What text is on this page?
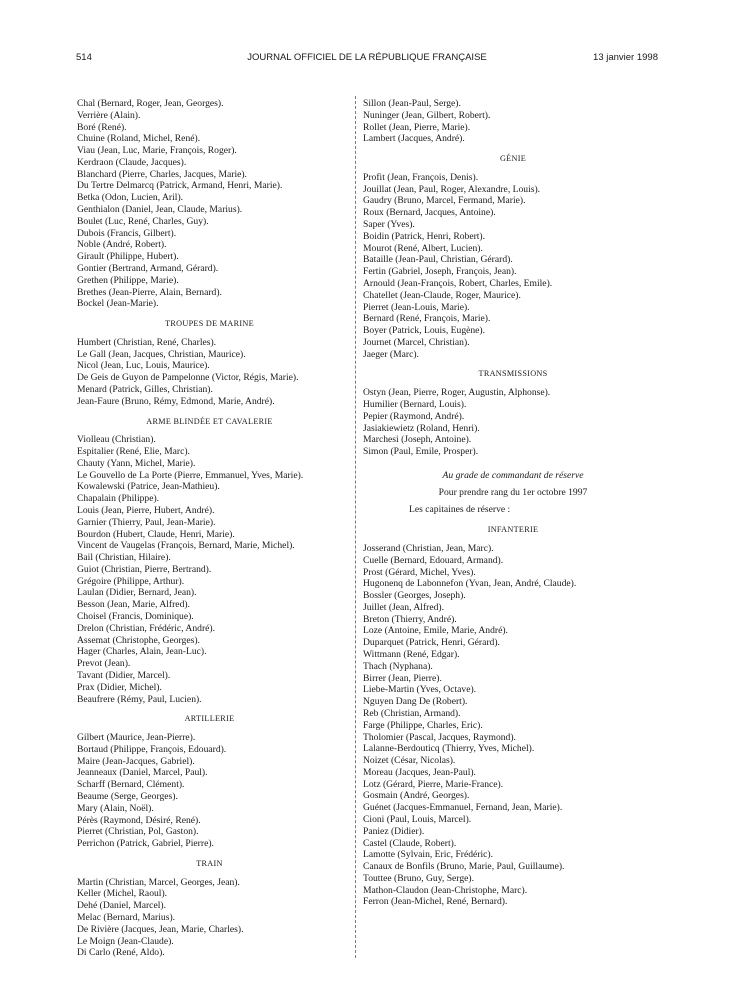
514	JOURNAL OFFICIEL DE LA RÉPUBLIQUE FRANÇAISE	13 janvier 1998
Chal (Bernard, Roger, Jean, Georges).
Verrière (Alain).
Boré (René).
Chuine (Roland, Michel, René).
Viau (Jean, Luc, Marie, François, Roger).
Kerdraon (Claude, Jacques).
Blanchard (Pierre, Charles, Jacques, Marie).
Du Tertre Delmarcq (Patrick, Armand, Henri, Marie).
Betka (Odon, Lucien, Aril).
Genthialon (Daniel, Jean, Claude, Marius).
Boulet (Luc, René, Charles, Guy).
Dubois (Francis, Gilbert).
Noble (André, Robert).
Girault (Philippe, Hubert).
Gontier (Bertrand, Armand, Gérard).
Grethen (Philippe, Marie).
Brethes (Jean-Pierre, Alain, Bernard).
Bockel (Jean-Marie).
TROUPES DE MARINE
Humbert (Christian, René, Charles).
Le Gall (Jean, Jacques, Christian, Maurice).
Nicol (Jean, Luc, Louis, Maurice).
De Geis de Guyon de Pampelonne (Victor, Régis, Marie).
Menard (Patrick, Gilles, Christian).
Jean-Faure (Bruno, Rémy, Edmond, Marie, André).
ARME BLINDÉE ET CAVALERIE
Violleau (Christian).
Espitalier (René, Elie, Marc).
Chauty (Yann, Michel, Marie).
Le Gouvello de La Porte (Pierre, Emmanuel, Yves, Marie).
Kowalewski (Patrice, Jean-Mathieu).
Chapalain (Philippe).
Louis (Jean, Pierre, Hubert, André).
Garnier (Thierry, Paul, Jean-Marie).
Bourdon (Hubert, Claude, Henri, Marie).
Vincent de Vaugelas (François, Bernard, Marie, Michel).
Bail (Christian, Hilaire).
Guiot (Christian, Pierre, Bertrand).
Grégoire (Philippe, Arthur).
Laulan (Didier, Bernard, Jean).
Besson (Jean, Marie, Alfred).
Choisel (Francis, Dominique).
Drelon (Christian, Frédéric, André).
Assemat (Christophe, Georges).
Hager (Charles, Alain, Jean-Luc).
Prevot (Jean).
Tavant (Didier, Marcel).
Prax (Didier, Michel).
Beaufrere (Rémy, Paul, Lucien).
ARTILLERIE
Gilbert (Maurice, Jean-Pierre).
Bortaud (Philippe, François, Edouard).
Maire (Jean-Jacques, Gabriel).
Jeanneaux (Daniel, Marcel, Paul).
Scharff (Bernard, Clément).
Beaume (Serge, Georges).
Mary (Alain, Noël).
Pérès (Raymond, Désiré, René).
Pierret (Christian, Pol, Gaston).
Perrichon (Patrick, Gabriel, Pierre).
TRAIN
Martin (Christian, Marcel, Georges, Jean).
Keller (Michel, Raoul).
Dehé (Daniel, Marcel).
Melac (Bernard, Marius).
De Rivière (Jacques, Jean, Marie, Charles).
Le Moign (Jean-Claude).
Di Carlo (René, Aldo).
Sillon (Jean-Paul, Serge).
Nuninger (Jean, Gilbert, Robert).
Rollet (Jean, Pierre, Marie).
Lambert (Jacques, André).
GÉNIE
Profit (Jean, François, Denis).
Jouillat (Jean, Paul, Roger, Alexandre, Louis).
Gaudry (Bruno, Marcel, Fermand, Marie).
Roux (Bernard, Jacques, Antoine).
Saper (Yves).
Boidin (Patrick, Henri, Robert).
Mourot (René, Albert, Lucien).
Bataille (Jean-Paul, Christian, Gérard).
Fertin (Gabriel, Joseph, François, Jean).
Arnould (Jean-François, Robert, Charles, Emile).
Chatellet (Jean-Claude, Roger, Maurice).
Pierret (Jean-Louis, Marie).
Bernard (René, François, Marie).
Boyer (Patrick, Louis, Eugène).
Journet (Marcel, Christian).
Jaeger (Marc).
TRANSMISSIONS
Ostyn (Jean, Pierre, Roger, Augustin, Alphonse).
Humilier (Bernard, Louis).
Pepier (Raymond, André).
Jasiakiewietz (Roland, Henri).
Marchesi (Joseph, Antoine).
Simon (Paul, Emile, Prosper).
Au grade de commandant de réserve
Pour prendre rang du 1er octobre 1997
Les capitaines de réserve :
INFANTERIE
Josserand (Christian, Jean, Marc).
Cuelle (Bernard, Edouard, Armand).
Prost (Gérard, Michel, Yves).
Hugonenq de Labonnefon (Yvan, Jean, André, Claude).
Bossler (Georges, Joseph).
Juillet (Jean, Alfred).
Breton (Thierry, André).
Loze (Antoine, Emile, Marie, André).
Duparquet (Patrick, Henri, Gérard).
Wittmann (René, Edgar).
Thach (Nyphana).
Birrer (Jean, Pierre).
Liebe-Martin (Yves, Octave).
Nguyen Dang De (Robert).
Reb (Christian, Armand).
Farge (Philippe, Charles, Eric).
Tholomier (Pascal, Jacques, Raymond).
Lalanne-Berdouticq (Thierry, Yves, Michel).
Noizet (César, Nicolas).
Moreau (Jacques, Jean-Paul).
Lotz (Gérard, Pierre, Marie-France).
Gosmain (André, Georges).
Guénet (Jacques-Emmanuel, Fernand, Jean, Marie).
Cioni (Paul, Louis, Marcel).
Paniez (Didier).
Castel (Claude, Robert).
Lamotte (Sylvain, Eric, Frédéric).
Canaux de Bonfils (Bruno, Marie, Paul, Guillaume).
Touttee (Bruno, Guy, Serge).
Mathon-Claudon (Jean-Christophe, Marc).
Ferron (Jean-Michel, René, Bernard).
